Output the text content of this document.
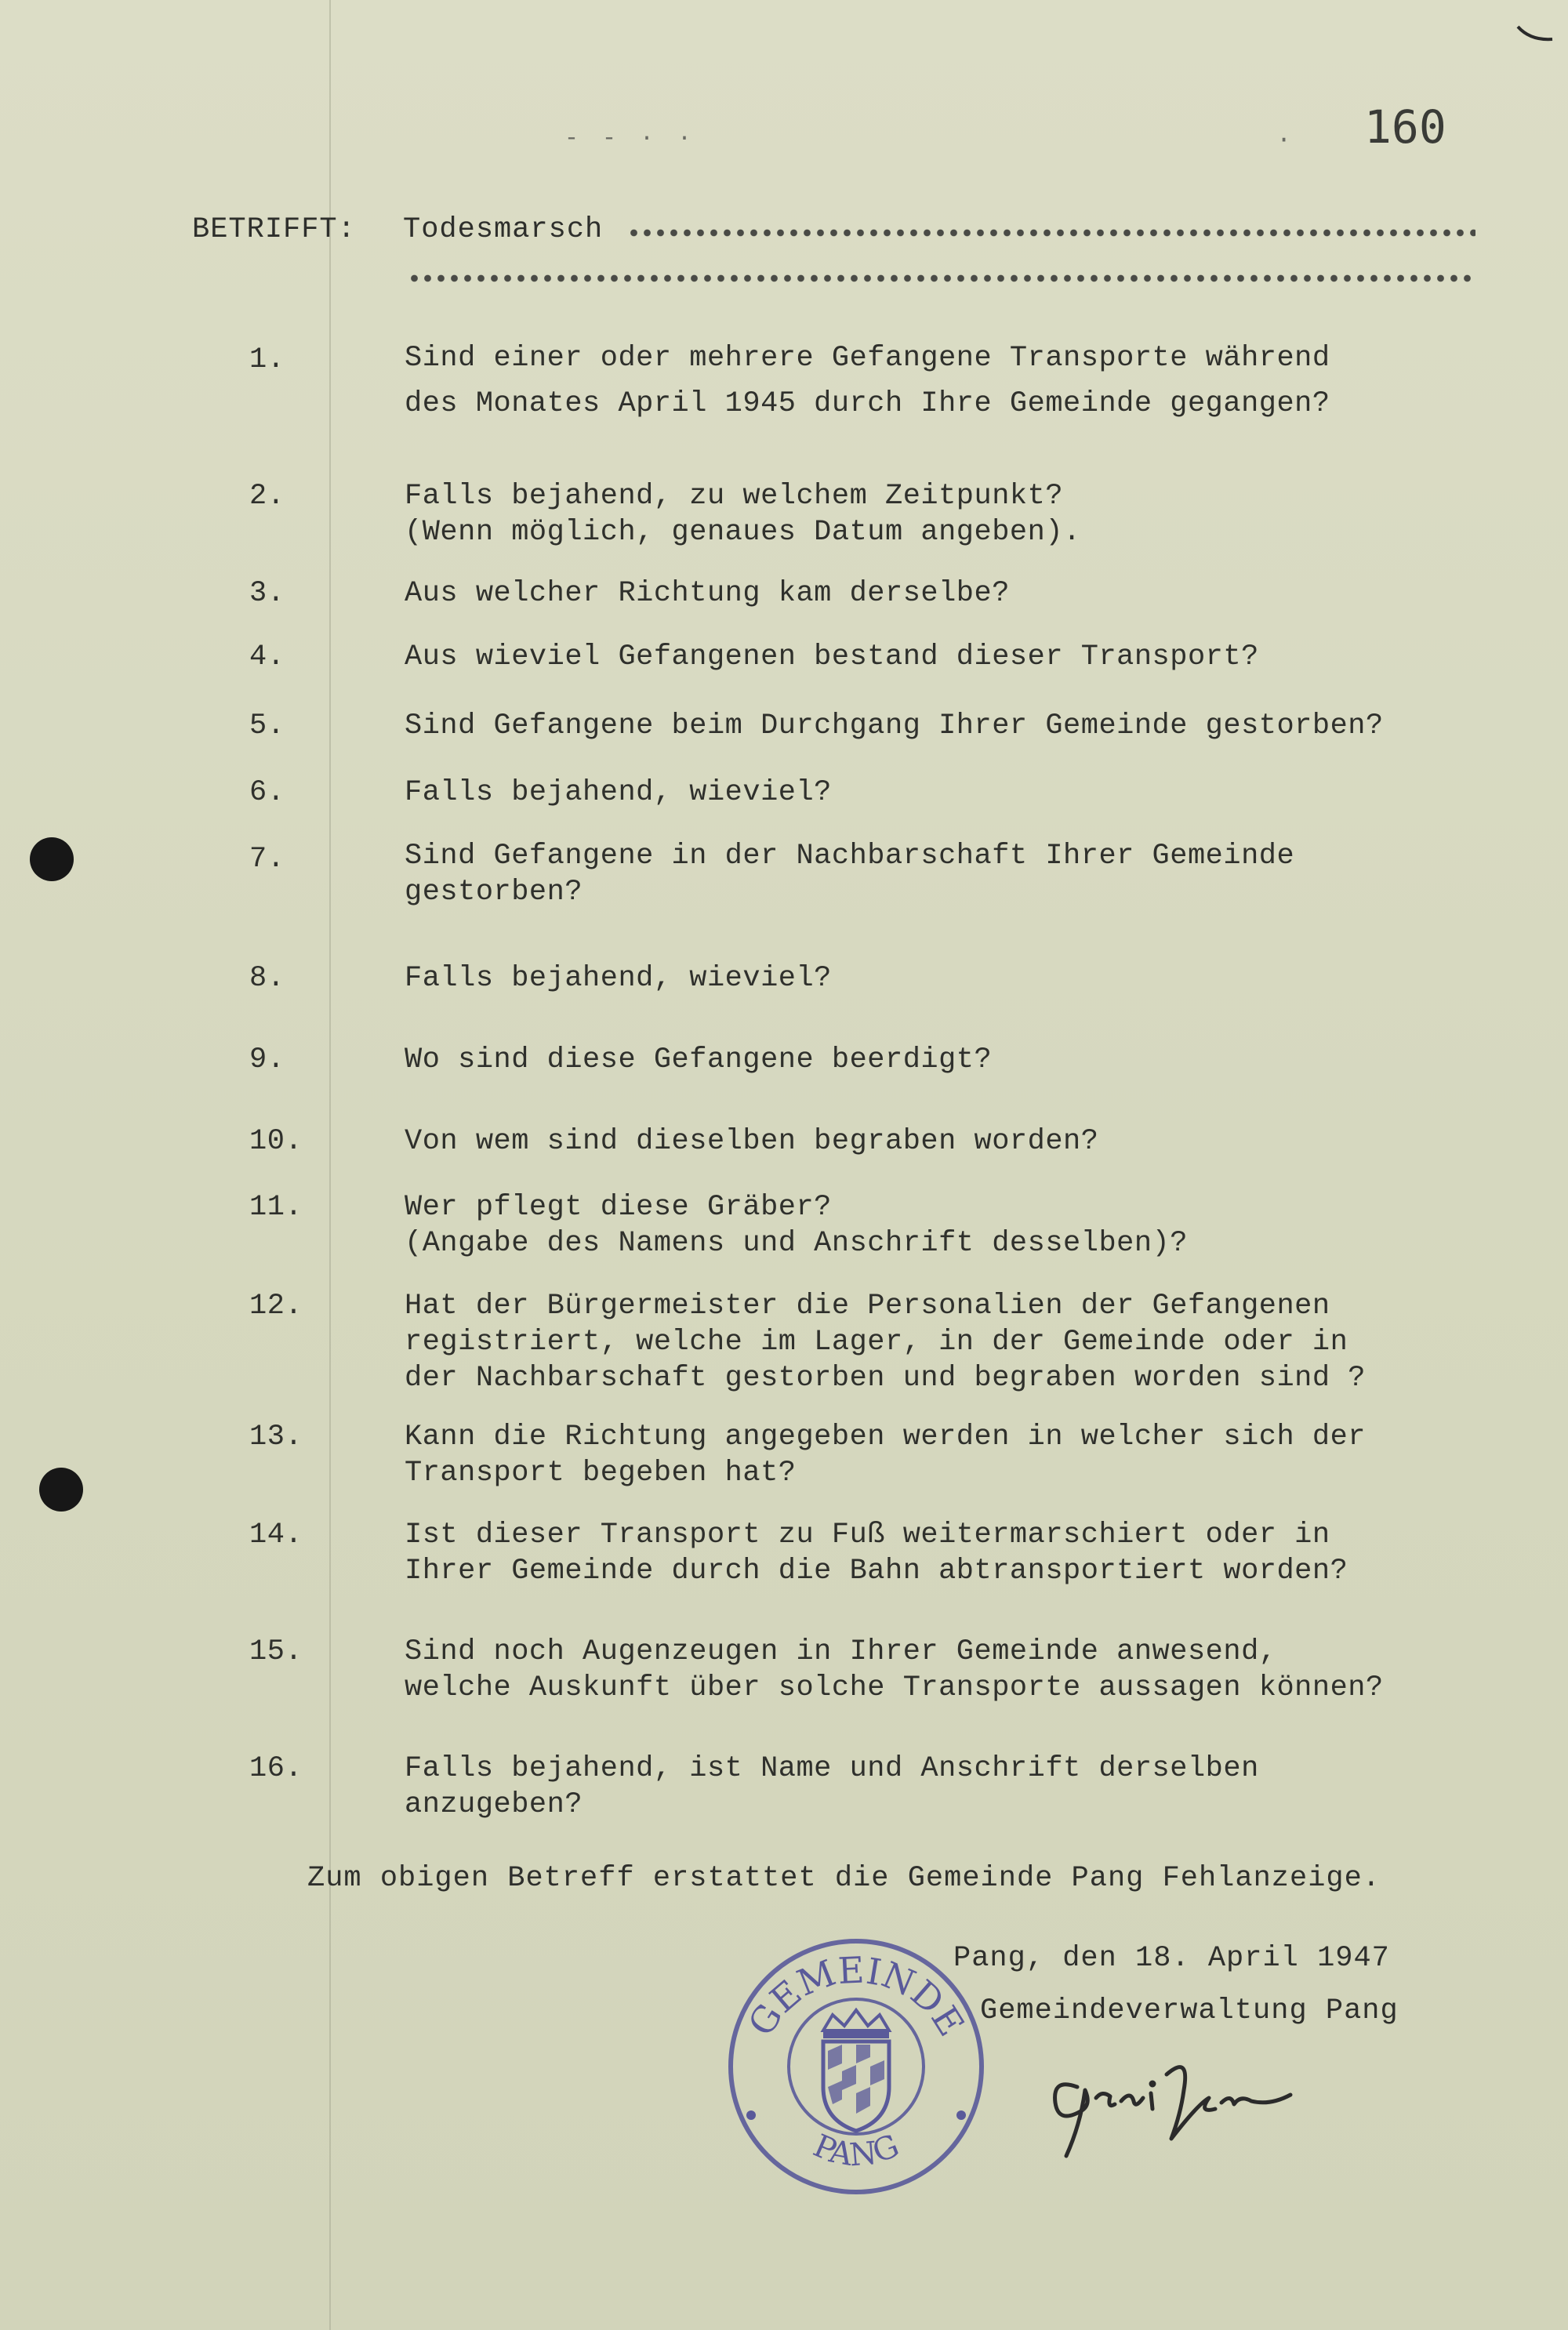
- - · ·	· 160
BETRIFFT: Todesmarsch
1.	Sind einer oder mehrere Gefangene Transporte während
des Monates April 1945 durch Ihre Gemeinde gegangen?
2.	Falls bejahend, zu welchem Zeitpunkt?
(Wenn möglich, genaues Datum angeben).
3.	Aus welcher Richtung kam derselbe?
4.	Aus wieviel Gefangenen bestand dieser Transport?
5.	Sind Gefangene beim Durchgang Ihrer Gemeinde gestorben?
6.	Falls bejahend, wieviel?
7.	Sind Gefangene in der Nachbarschaft Ihrer Gemeinde
gestorben?
8.	Falls bejahend, wieviel?
9.	Wo sind diese Gefangene beerdigt?
10.	Von wem sind dieselben begraben worden?
11.	Wer pflegt diese Gräber?
(Angabe des Namens und Anschrift desselben)?
12.	Hat der Bürgermeister die Personalien der Gefangenen
registriert, welche im Lager, in der Gemeinde oder in
der Nachbarschaft gestorben und begraben worden sind ?
13.	Kann die Richtung angegeben werden in welcher sich der
Transport begeben hat?
14.	Ist dieser Transport zu Fuß weitermarschiert oder in
Ihrer Gemeinde durch die Bahn abtransportiert worden?
15.	Sind noch Augenzeugen in Ihrer Gemeinde anwesend,
welche Auskunft über solche Transporte aussagen können?
16.	Falls bejahend, ist Name und Anschrift derselben
anzugeben?
Zum obigen Betreff erstattet die Gemeinde Pang Fehlanzeige.
Pang, den 18. April 1947
Gemeindeverwaltung Pang
GEMEINDE
PANG
